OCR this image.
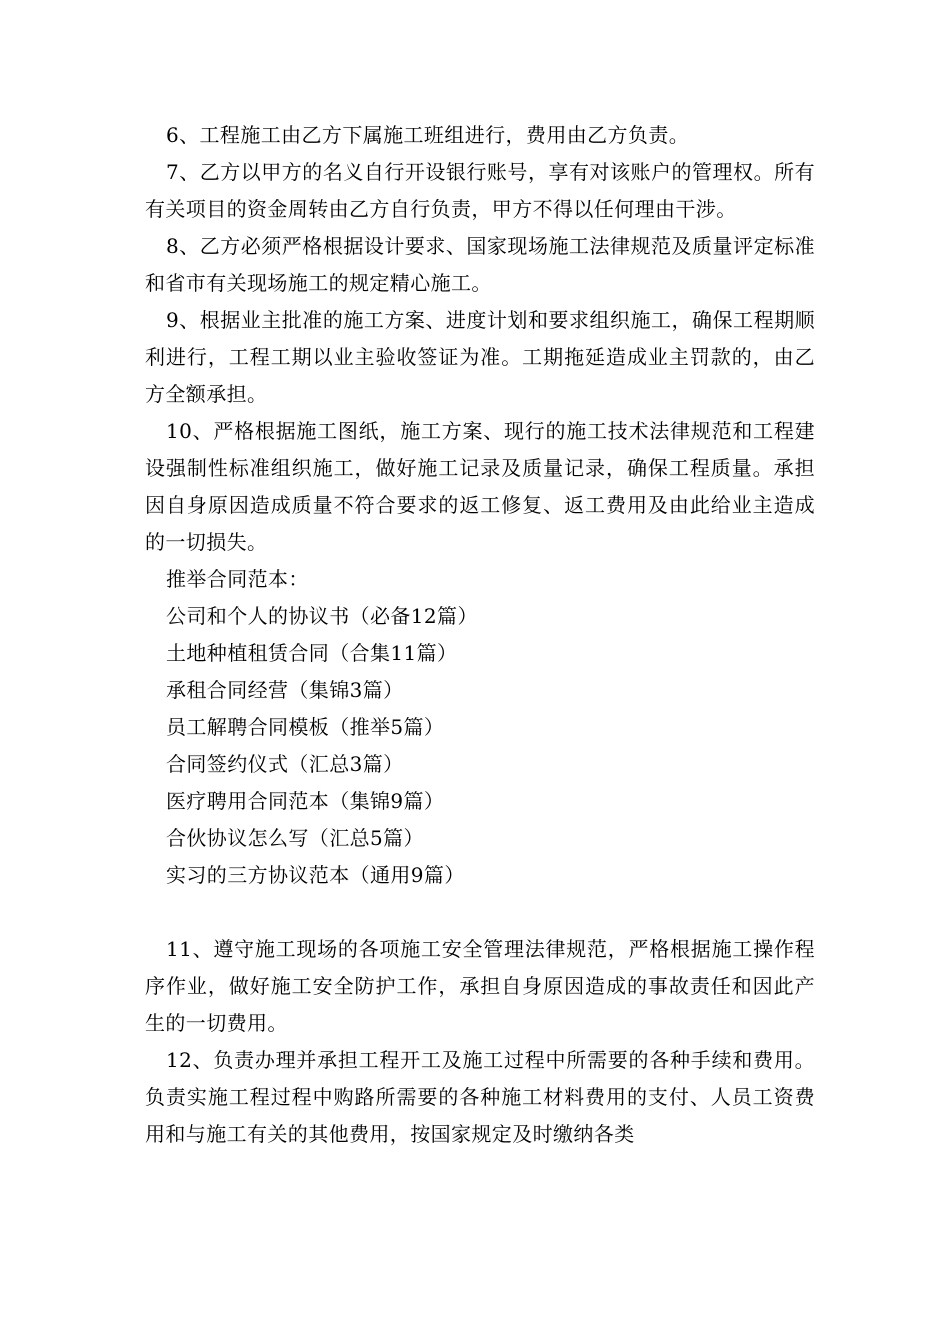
6、工程施工由乙方下属施工班组进行，费用由乙方负责。

7、乙方以甲方的名义自行开设银行账号，享有对该账户的管理权。所有有关项目的资金周转由乙方自行负责，甲方不得以任何理由干涉。

8、乙方必须严格根据设计要求、国家现场施工法律规范及质量评定标准和省市有关现场施工的规定精心施工。

9、根据业主批准的施工方案、进度计划和要求组织施工，确保工程期顺利进行，工程工期以业主验收签证为准。工期拖延造成业主罚款的，由乙方全额承担。

10、严格根据施工图纸，施工方案、现行的施工技术法律规范和工程建设强制性标准组织施工，做好施工记录及质量记录，确保工程质量。承担因自身原因造成质量不符合要求的返工修复、返工费用及由此给业主造成的一切损失。

推举合同范本：

公司和个人的协议书（必备12篇）

土地种植租赁合同（合集11篇）

承租合同经营（集锦3篇）

员工解聘合同模板（推举5篇）

合同签约仪式（汇总3篇）

医疗聘用合同范本（集锦9篇）

合伙协议怎么写（汇总5篇）

实习的三方协议范本（通用9篇）

11、遵守施工现场的各项施工安全管理法律规范，严格根据施工操作程序作业，做好施工安全防护工作，承担自身原因造成的事故责任和因此产生的一切费用。

12、负责办理并承担工程开工及施工过程中所需要的各种手续和费用。负责实施工程过程中购路所需要的各种施工材料费用的支付、人员工资费用和与施工有关的其他费用，按国家规定及时缴纳各类
